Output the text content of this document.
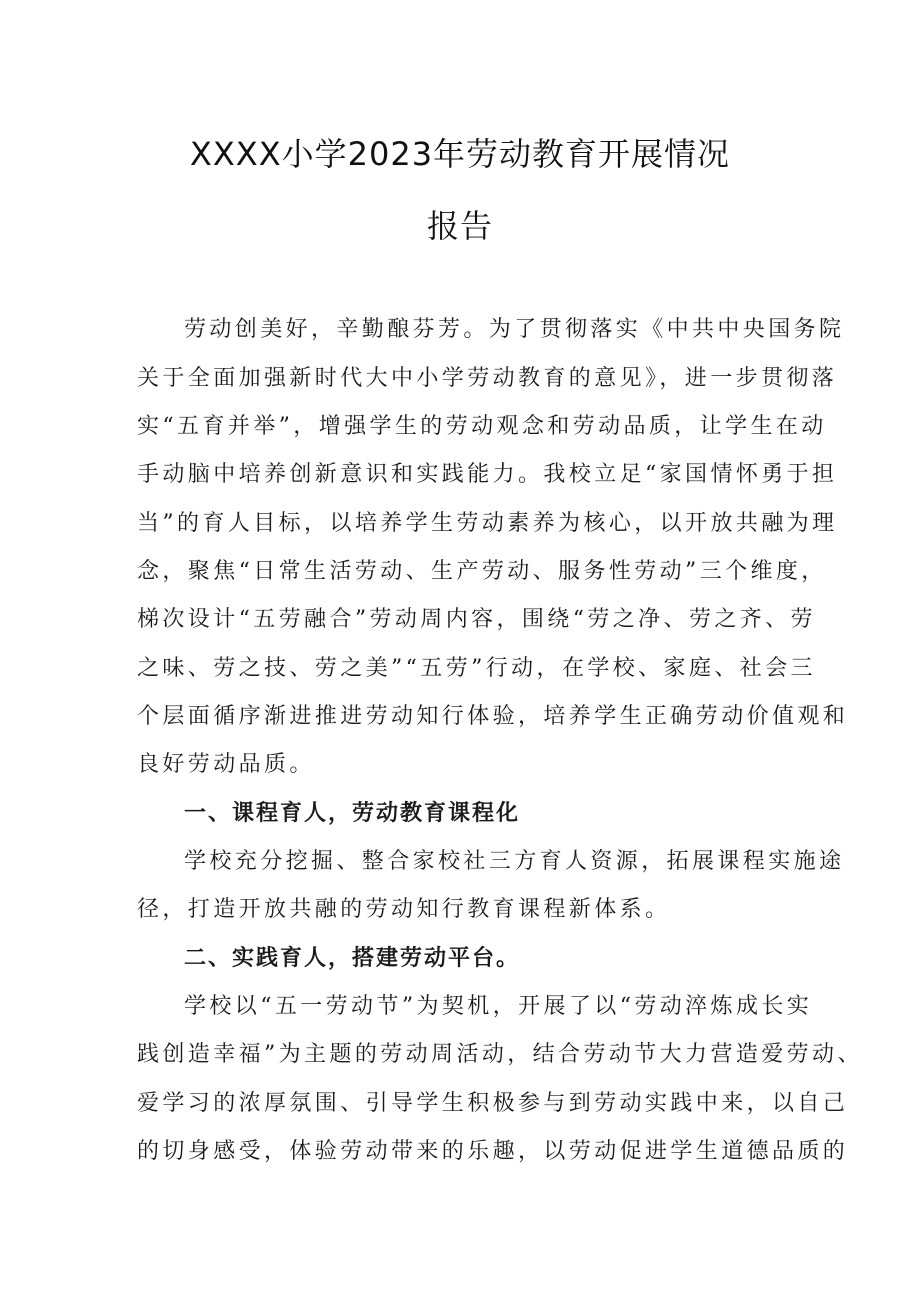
XXXX小学2023年劳动教育开展情况
报告
劳动创美好，辛勤酿芬芳。为了贯彻落实《中共中央国务院
关于全面加强新时代大中小学劳动教育的意见》，进一步贯彻落
实“五育并举”，增强学生的劳动观念和劳动品质，让学生在动
手动脑中培养创新意识和实践能力。我校立足“家国情怀勇于担
当”的育人目标，以培养学生劳动素养为核心，以开放共融为理
念，聚焦“日常生活劳动、生产劳动、服务性劳动”三个维度，
梯次设计“五劳融合”劳动周内容，围绕“劳之净、劳之齐、劳
之味、劳之技、劳之美”“五劳”行动，在学校、家庭、社会三
个层面循序渐进推进劳动知行体验，培养学生正确劳动价值观和
良好劳动品质。
一、课程育人，劳动教育课程化
学校充分挖掘、整合家校社三方育人资源，拓展课程实施途
径，打造开放共融的劳动知行教育课程新体系。
二、实践育人，搭建劳动平台。
学校以“五一劳动节”为契机，开展了以“劳动淬炼成长实
践创造幸福”为主题的劳动周活动，结合劳动节大力营造爱劳动、
爱学习的浓厚氛围、引导学生积极参与到劳动实践中来，以自己
的切身感受，体验劳动带来的乐趣，以劳动促进学生道德品质的
